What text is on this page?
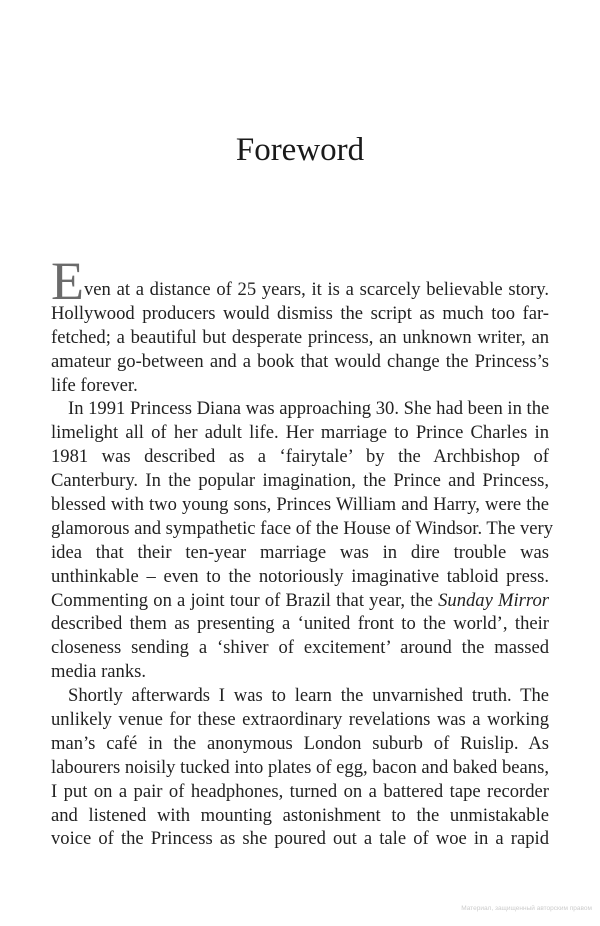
Foreword
E ven at a distance of 25 years, it is a scarcely believable story.
Hollywood producers would dismiss the script as much too far-
fetched; a beautiful but desperate princess, an unknown writer, an
amateur go-between and a book that would change the Princess’s
life forever.
In 1991 Princess Diana was approaching 30. She had been in the
limelight all of her adult life. Her marriage to Prince Charles in
1981 was described as a ‘fairytale’ by the Archbishop of
Canterbury. In the popular imagination, the Prince and Princess,
blessed with two young sons, Princes William and Harry, were the
glamorous and sympathetic face of the House of Windsor. The very
idea that their ten-year marriage was in dire trouble was
unthinkable – even to the notoriously imaginative tabloid press.
Commenting on a joint tour of Brazil that year, the Sunday Mirror
described them as presenting a ‘united front to the world’, their
closeness sending a ‘shiver of excitement’ around the massed
media ranks.
Shortly afterwards I was to learn the unvarnished truth. The
unlikely venue for these extraordinary revelations was a working
man’s café in the anonymous London suburb of Ruislip. As
labourers noisily tucked into plates of egg, bacon and baked beans,
I put on a pair of headphones, turned on a battered tape recorder
and listened with mounting astonishment to the unmistakable
voice of the Princess as she poured out a tale of woe in a rapid
Материал, защищенный авторским правом
